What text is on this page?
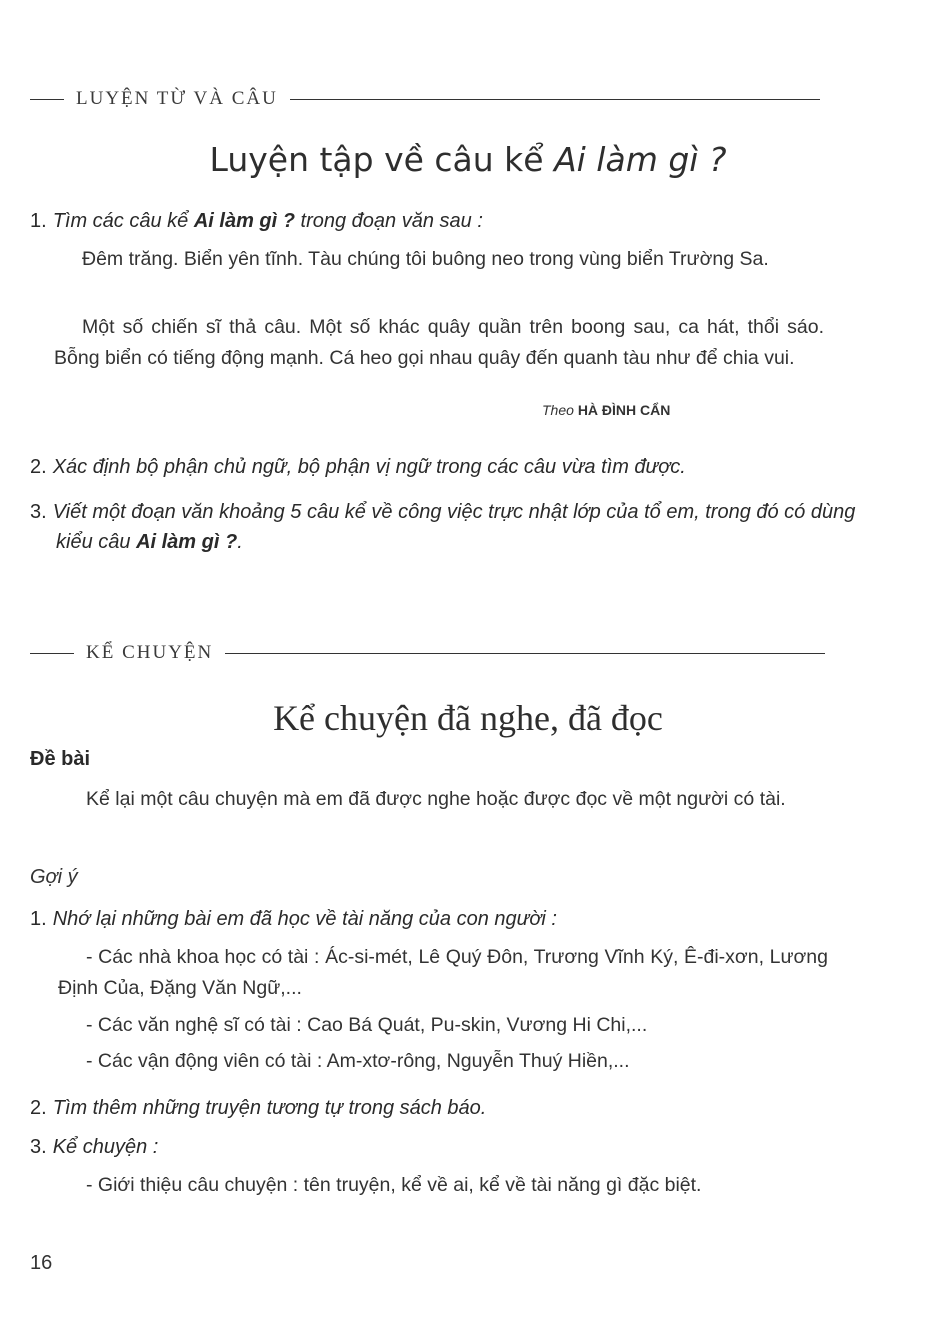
LUYỆN TỪ VÀ CÂU
Luyện tập về câu kể Ai làm gì ?
1. Tìm các câu kể Ai làm gì ? trong đoạn văn sau :
Đêm trăng. Biển yên tĩnh. Tàu chúng tôi buông neo trong vùng biển Trường Sa.
Một số chiến sĩ thả câu. Một số khác quây quần trên boong sau, ca hát, thổi sáo. Bỗng biển có tiếng động mạnh. Cá heo gọi nhau quây đến quanh tàu như để chia vui.
Theo HÀ ĐÌNH CẨN
2. Xác định bộ phận chủ ngữ, bộ phận vị ngữ trong các câu vừa tìm được.
3. Viết một đoạn văn khoảng 5 câu kể về công việc trực nhật lớp của tổ em, trong đó có dùng kiểu câu Ai làm gì ?.
KỂ CHUYỆN
Kể chuyện đã nghe, đã đọc
Đề bài
Kể lại một câu chuyện mà em đã được nghe hoặc được đọc về một người có tài.
Gợi ý
1. Nhớ lại những bài em đã học về tài năng của con người :
- Các nhà khoa học có tài : Ác-si-mét, Lê Quý Đôn, Trương Vĩnh Ký, Ê-đi-xơn, Lương Định Của, Đặng Văn Ngữ,...
- Các văn nghệ sĩ có tài : Cao Bá Quát, Pu-skin, Vương Hi Chi,...
- Các vận động viên có tài : Am-xtơ-rông, Nguyễn Thuý Hiền,...
2. Tìm thêm những truyện tương tự trong sách báo.
3. Kể chuyện :
- Giới thiệu câu chuyện : tên truyện, kể về ai, kể về tài năng gì đặc biệt.
16
